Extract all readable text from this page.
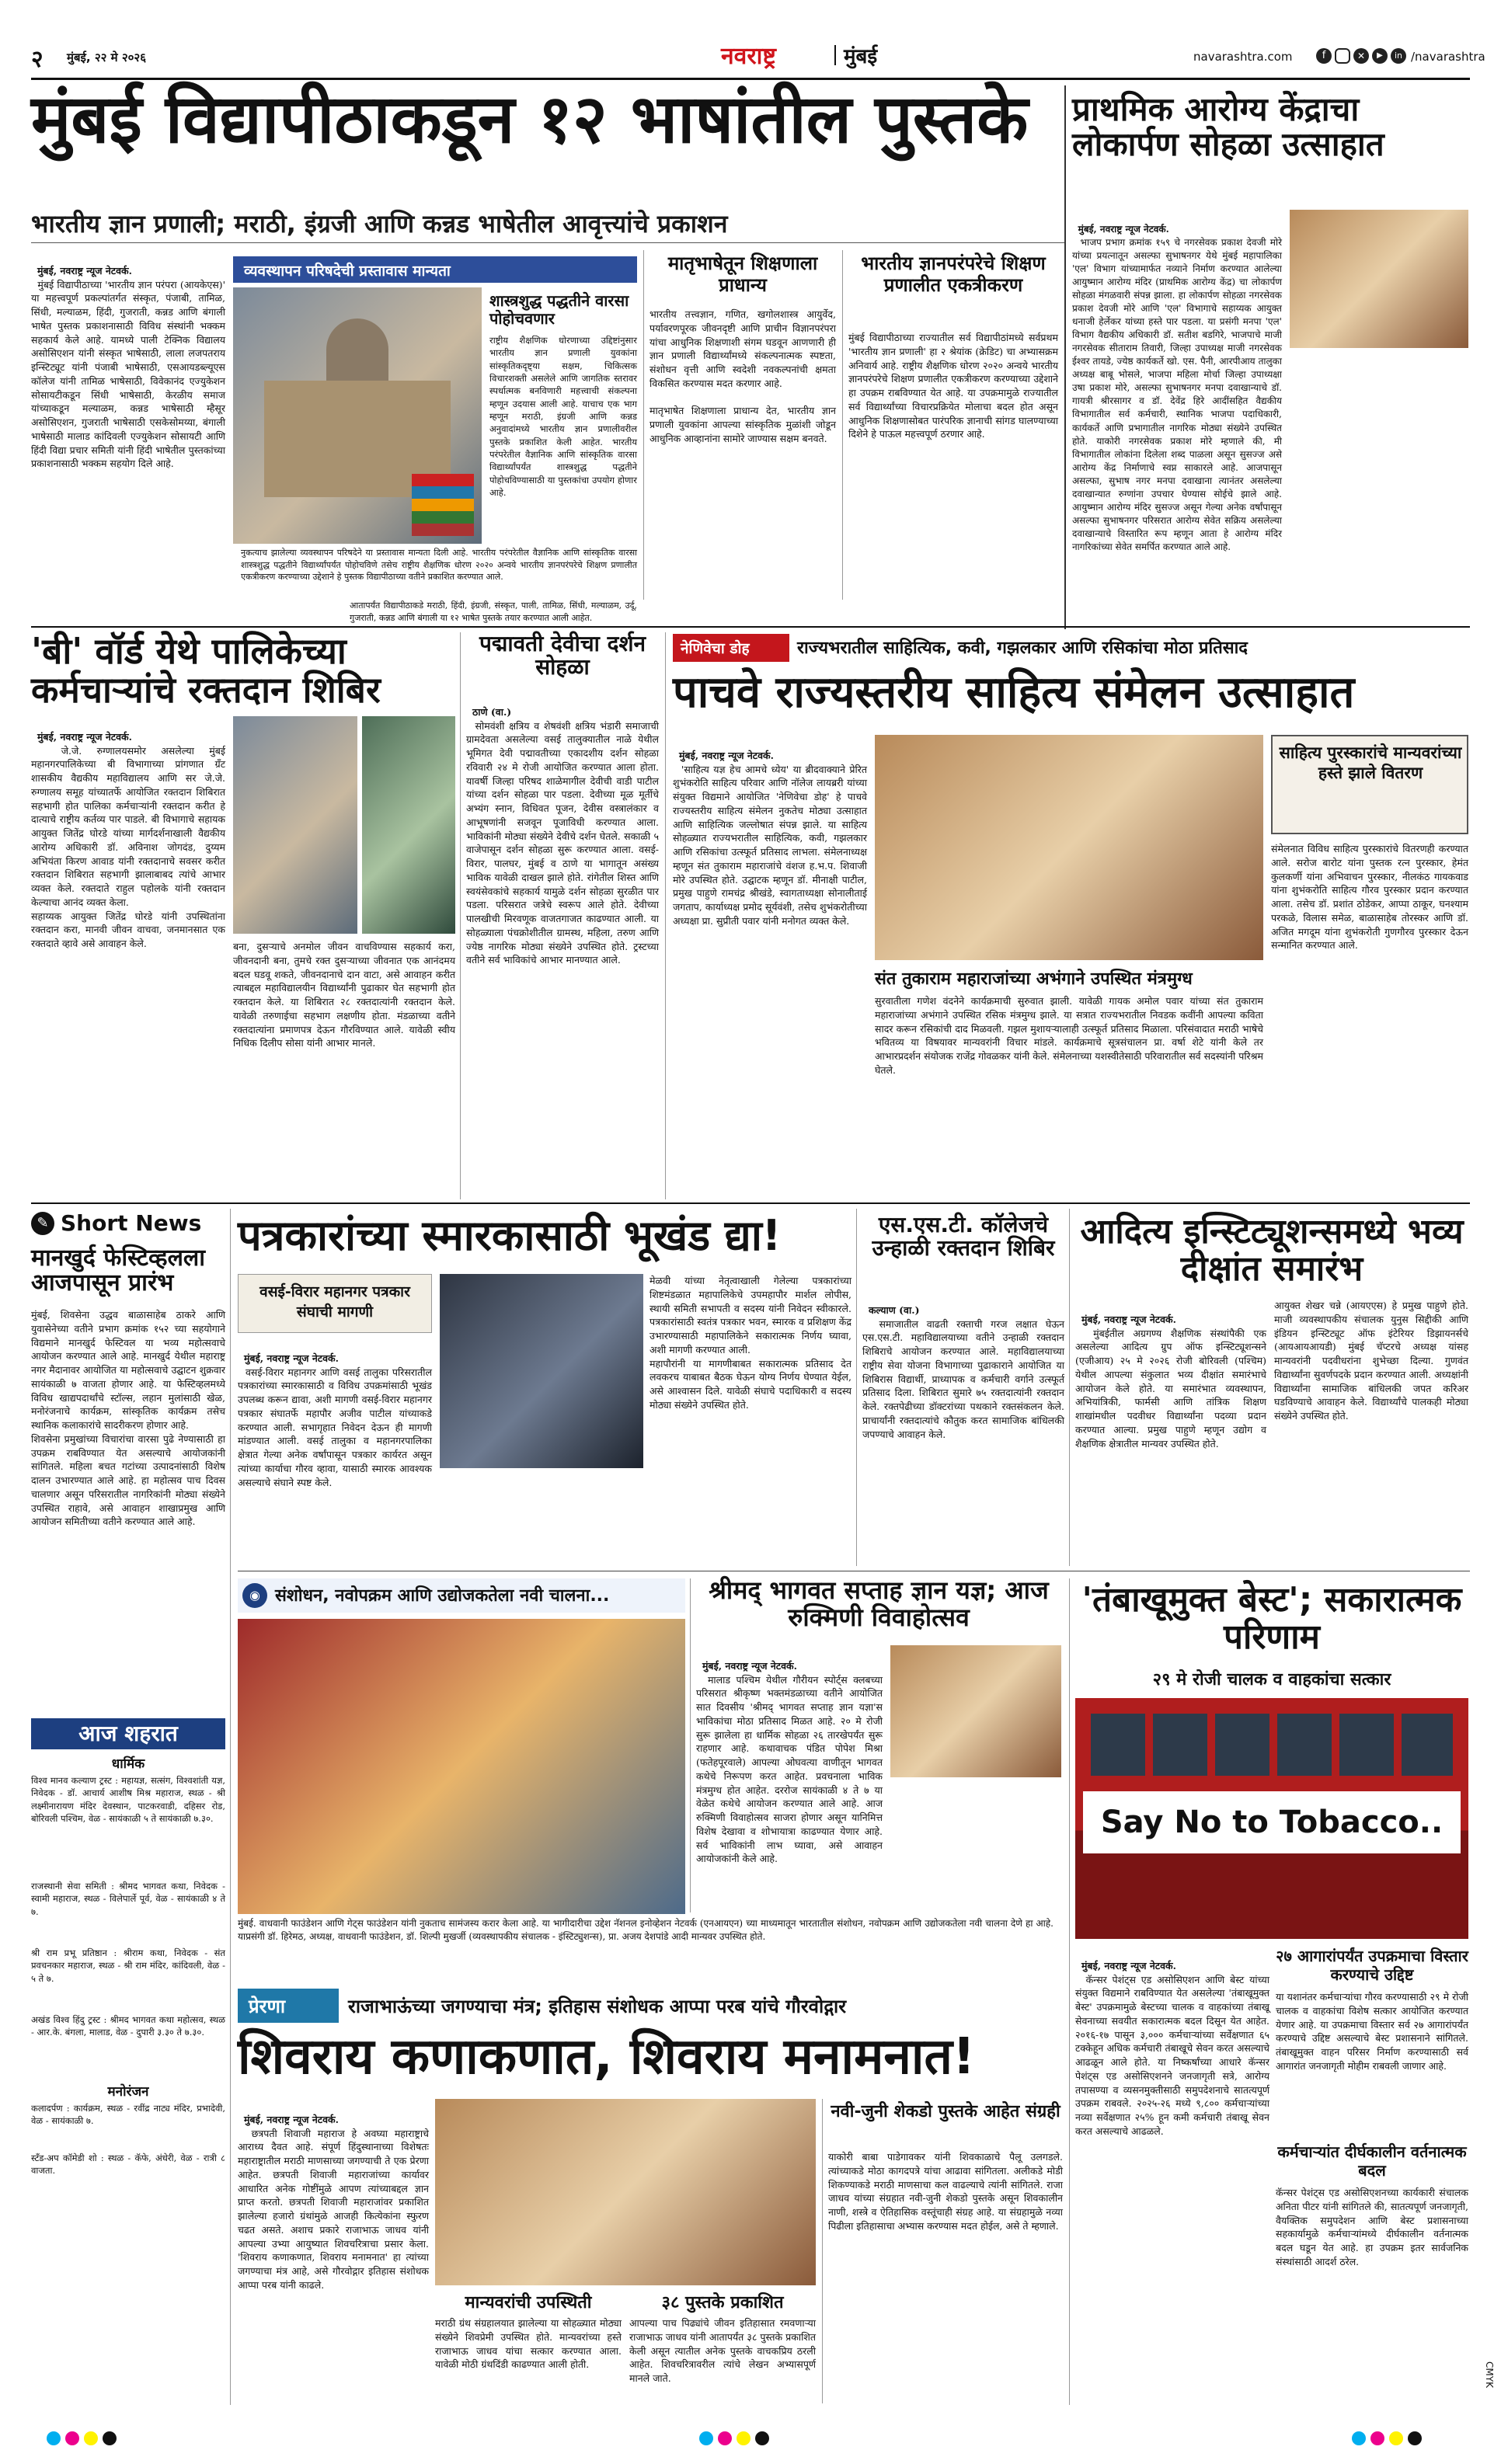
२ मुंबई, २२ मे २०२६	नवराष्ट्र	मुंबई	navarashtra.com	f	✕	▶	in /navarashtra
मुंबई विद्यापीठाकडून १२ भाषांतील पुस्तके
भारतीय ज्ञान प्रणाली; मराठी, इंग्रजी आणि कन्नड भाषेतील आवृत्त्यांचे प्रकाशन

मुंबई, नवराष्ट्र न्यूज नेटवर्क.
मुंबई विद्यापीठाच्या 'भारतीय ज्ञान परंपरा (आयकेएस)' या महत्त्वपूर्ण प्रकल्पांतर्गत संस्कृत, पंजाबी, तामिळ, सिंधी, मल्याळम, हिंदी, गुजराती, कन्नड आणि बंगाली भाषेत पुस्तक प्रकाशनासाठी विविध संस्थांनी भक्कम सहकार्य केले आहे. यामध्ये पाली टेक्निक विद्यालय असोसिएशन यांनी संस्कृत भाषेसाठी, लाला लजपतराय इन्स्टिट्यूट यांनी पंजाबी भाषेसाठी, एसआयडब्ल्यूएस कॉलेज यांनी तामिळ भाषेसाठी, विवेकानंद एज्युकेशन सोसायटीकडून सिंधी भाषेसाठी, केरळीय समाज यांच्याकडून मल्याळम, कन्नड भाषेसाठी म्हैसूर असोसिएशन, गुजराती भाषेसाठी एसकेसोमय्या, बंगाली भाषेसाठी मालाड कांदिवली एज्युकेशन सोसायटी आणि हिंदी विद्या प्रचार समिती यांनी हिंदी भाषेतील पुस्तकांच्या प्रकाशनासाठी भक्कम सहयोग दिले आहे.

व्यवस्थापन परिषदेची प्रस्तावास मान्यता
शास्त्रशुद्ध पद्धतीने वारसा पोहोचवणार
राष्ट्रीय शैक्षणिक धोरणाच्या उद्दिष्टांनुसार भारतीय ज्ञान प्रणाली युवकांना सांस्कृतिकदृष्ट्या सक्षम, चिकित्सक विचारशक्ती असलेले आणि जागतिक स्तरावर स्पर्धात्मक बनविणारी महत्त्वाची संकल्पना म्हणून उदयास आली आहे. याचाच एक भाग म्हणून मराठी, इंग्रजी आणि कन्नड अनुवादांमध्ये भारतीय ज्ञान प्रणालीवरील पुस्तके प्रकाशित केली आहेत. भारतीय परंपरेतील वैज्ञानिक आणि सांस्कृतिक वारसा विद्यार्थ्यांपर्यंत शास्त्रशुद्ध पद्धतीने पोहोचविण्यासाठी या पुस्तकांचा उपयोग होणार आहे.
नुकत्याच झालेल्या व्यवस्थापन परिषदेने या प्रस्तावास मान्यता दिली आहे. भारतीय परंपरेतील वैज्ञानिक आणि सांस्कृतिक वारसा शास्त्रशुद्ध पद्धतीने विद्यार्थ्यांपर्यंत पोहोचविणे तसेच राष्ट्रीय शैक्षणिक धोरण २०२० अन्वये भारतीय ज्ञानपरंपरेचे शिक्षण प्रणालीत एकत्रीकरण करण्याच्या उद्देशाने हे पुस्तक विद्यापीठाच्या वतीने प्रकाशित करण्यात आले.
आतापर्यंत विद्यापीठाकडे मराठी, हिंदी, इंग्रजी, संस्कृत, पाली, तामिळ, सिंधी, मल्याळम, उर्दू, गुजराती, कन्नड आणि बंगाली या १२ भाषेत पुस्तके तयार करण्यात आली आहेत.
मातृभाषेतून शिक्षणाला प्राधान्य
भारतीय तत्त्वज्ञान, गणित, खगोलशास्त्र आयुर्वेद, पर्यावरणपूरक जीवनदृष्टी आणि प्राचीन विज्ञानपरंपरा यांचा आधुनिक शिक्षणाशी संगम घडवून आणणारी ही ज्ञान प्रणाली विद्यार्थ्यांमध्ये संकल्पनात्मक स्पष्टता, संशोधन वृत्ती आणि स्वदेशी नवकल्पनांची क्षमता विकसित करण्यास मदत करणार आहे.

मातृभाषेत शिक्षणाला प्राधान्य देत, भारतीय ज्ञान प्रणाली युवकांना आपल्या सांस्कृतिक मुळांशी जोडून आधुनिक आव्हानांना सामोरे जाण्यास सक्षम बनवते.
भारतीय ज्ञानपरंपरेचे शिक्षण प्रणालीत एकत्रीकरण
मुंबई विद्यापीठाच्या राज्यातील सर्व विद्यापीठांमध्ये सर्वप्रथम 'भारतीय ज्ञान प्रणाली' हा २ श्रेयांक (क्रेडिट) चा अभ्यासक्रम अनिवार्य आहे. राष्ट्रीय शैक्षणिक धोरण २०२० अन्वये भारतीय ज्ञानपरंपरेचे शिक्षण प्रणालीत एकत्रीकरण करण्याच्या उद्देशाने हा उपक्रम राबविण्यात येत आहे. या उपक्रमामुळे राज्यातील सर्व विद्यार्थ्यांच्या विचारप्रक्रियेत मोलाचा बदल होत असून आधुनिक शिक्षणासोबत पारंपरिक ज्ञानाची सांगड घालण्याच्या दिशेने हे पाऊल महत्त्वपूर्ण ठरणार आहे.
प्राथमिक आरोग्य केंद्राचा लोकार्पण सोहळा उत्साहात

मुंबई, नवराष्ट्र न्यूज नेटवर्क.
भाजप प्रभाग क्रमांक १५९ चे नगरसेवक प्रकाश देवजी मोरे यांच्या प्रयत्नातून असल्फा सुभाषनगर येथे मुंबई महापालिका 'एल' विभाग यांच्यामार्फत नव्याने निर्माण करण्यात आलेल्या आयुष्मान आरोग्य मंदिर (प्राथमिक आरोग्य केंद्र) चा लोकार्पण सोहळा मंगळवारी संपन्न झाला. हा लोकार्पण सोहळा नगरसेवक प्रकाश देवजी मोरे आणि 'एल' विभागाचे सहाय्यक आयुक्त धनाजी हेर्लेकर यांच्या हस्ते पार पडला. या प्रसंगी मनपा 'एल' विभाग वैद्यकीय अधिकारी डॉ. सतीश बडगिरे, भाजपाचे माजी नगरसेवक सीताराम तिवारी, जिल्हा उपाध्यक्ष माजी नगरसेवक ईश्वर तायडे, ज्येष्ठ कार्यकर्ते खो. एस. पैनी, आरपीआय तालुका अध्यक्ष बाबू भोसले, भाजपा महिला मोर्चा जिल्हा उपाध्यक्षा उषा प्रकाश मोरे, असल्फा सुभाषनगर मनपा दवाखान्याचे डॉ. गायत्री श्रीरसागर व डॉ. देवेंद्र हिरे आदींसहित वैद्यकीय विभागातील सर्व कर्मचारी, स्थानिक भाजपा पदाधिकारी, कार्यकर्ते आणि प्रभागातील नागरिक मोठ्या संख्येने उपस्थित होते. याकोरी नगरसेवक प्रकाश मोरे म्हणाले की, मी विभागातील लोकांना दिलेला शब्द पाळला असून सुसज्ज असे आरोग्य केंद्र निर्माणाचे स्वप्न साकारले आहे. आजपासून असल्फा, सुभाष नगर मनपा दवाखाना त्यानंतर असलेल्या दवाखान्यात रुग्णांना उपचार घेण्यास सोईचे झाले आहे. आयुष्मान आरोग्य मंदिर सुसज्ज असून गेल्या अनेक वर्षांपासून असल्फा सुभाषनगर परिसरात आरोग्य सेवेत सक्रिय असलेल्या दवाखान्याचे विस्तारित रूप म्हणून आता हे आरोग्य मंदिर नागरिकांच्या सेवेत समर्पित करण्यात आले आहे.

'बी' वॉर्ड येथे पालिकेच्या कर्मचाऱ्यांचे रक्तदान शिबिर

मुंबई, नवराष्ट्र न्यूज नेटवर्क.
जे.जे. रुग्णालयसमोर असलेल्या मुंबई महानगरपालिकेच्या बी विभागाच्या प्रांगणात ग्रँट शासकीय वैद्यकीय महाविद्यालय आणि सर जे.जे. रुग्णालय समूह यांच्यातर्फे आयोजित रक्तदान शिबिरात सहभागी होत पालिका कर्मचाऱ्यांनी रक्तदान करीत हे दात्याचे राष्ट्रीय कर्तव्य पार पाडले. बी विभागाचे सहायक आयुक्त जितेंद्र घोरडे यांच्या मार्गदर्शनाखाली वैद्यकीय आरोग्य अधिकारी डॉ. अविनाश जोगदंड, दुय्यम अभियंता किरण आवाड यांनी रक्तदानाचे सवसर करीत रक्तदान शिबिरात सहभागी झालाबाबद त्यांचे आभार व्यक्त केले. रक्तदाते राहुल पहोलके यांनी रक्तदान केल्याचा आनंद व्यक्त केला.
सहाय्यक आयुक्त जितेंद्र घोरडे यांनी उपस्थितांना रक्तदान करा, मानवी जीवन वाचवा, जनमानसात एक रक्तदाते व्हावे असे आवाहन केले.	बना, दुसऱ्याचे अनमोल जीवन वाचविण्यास सहकार्य करा, जीवनदानी बना, तुमचे रक्त दुसऱ्याच्या जीवनात एक आनंदमय बदल घडवू शकते, जीवनदानाचे दान वाटा, असे आवाहन करीत त्याबद्दल महाविद्यालयीन विद्यार्थ्यांनी पुढाकार घेत सहभागी होत रक्तदान केले. या शिबिरात २८ रक्तदात्यांनी रक्तदान केले. यावेळी तरुणाईचा सहभाग लक्षणीय होता. मंडळाच्या वतीने रक्तदात्यांना प्रमाणपत्र देऊन गौरविण्यात आले. यावेळी स्वीय निधिक दिलीप सोसा यांनी आभार मानले.
पद्मावती देवीचा दर्शन सोहळा

ठाणे (वा.)
सोमवंशी क्षत्रिय व शेषवंशी क्षत्रिय भंडारी समाजाची ग्रामदेवता असलेल्या वसई तालुक्यातील नाळे येथील भूमिगत देवी पद्मावतीच्या एकादशीय दर्शन सोहळा रविवारी २४ मे रोजी आयोजित करण्यात आला होता. यावर्षी जिल्हा परिषद शाळेमागील देवीची वाडी पाटील यांच्या दर्शन सोहळा पार पडला. देवीच्या मूळ मूर्तीचे अभ्यंग स्नान, विधिवत पूजन, देवीस वस्त्रालंकार व आभूषणांनी सजवून पूजाविधी करण्यात आला. भाविकांनी मोठ्या संख्येने देवीचे दर्शन घेतले. सकाळी ५ वाजेपासून दर्शन सोहळा सुरू करण्यात आला. वसई-विरार, पालघर, मुंबई व ठाणे या भागातून असंख्य भाविक यावेळी दाखल झाले होते. रांगेतील शिस्त आणि स्वयंसेवकांचे सहकार्य यामुळे दर्शन सोहळा सुरळीत पार पडला. परिसरात जत्रेचे स्वरूप आले होते. देवीच्या पालखीची मिरवणूक वाजतगाजत काढण्यात आली. या सोहळ्याला पंचक्रोशीतील ग्रामस्थ, महिला, तरुण आणि ज्येष्ठ नागरिक मोठ्या संख्येने उपस्थित होते. ट्रस्टच्या वतीने सर्व भाविकांचे आभार मानण्यात आले.

नेणिवेचा डोह	राज्यभरातील साहित्यिक, कवी, गझलकार आणि रसिकांचा मोठा प्रतिसाद
पाचवे राज्यस्तरीय साहित्य संमेलन उत्साहात

मुंबई, नवराष्ट्र न्यूज नेटवर्क.
'साहित्य यज्ञ हेच आमचे ध्येय' या ब्रीदवाक्याने प्रेरित शुभंकरोति साहित्य परिवार आणि नॉलेज लायब्ररी यांच्या संयुक्त विद्यमाने आयोजित 'नेणिवेचा डोह' हे पाचवे राज्यस्तरीय साहित्य संमेलन नुकतेच मोठ्या उत्साहात आणि साहित्यिक जल्लोषात संपन्न झाले. या साहित्य सोहळ्यात राज्यभरातील साहित्यिक, कवी, गझलकार आणि रसिकांचा उत्स्फूर्त प्रतिसाद लाभला. संमेलनाध्यक्ष म्हणून संत तुकाराम महाराजांचे वंशज ह.भ.प. शिवाजी मोरे उपस्थित होते. उद्घाटक म्हणून डॉ. मीनाक्षी पाटील, प्रमुख पाहुणे रामचंद्र श्रीखंडे, स्वागताध्यक्षा सोनालीताई जगताप, कार्याध्यक्ष प्रमोद सूर्यवंशी, तसेच शुभंकरोतीच्या अध्यक्षा प्रा. सुप्रीती पवार यांनी मनोगत व्यक्त केले.

संत तुकाराम महाराजांच्या अभंगाने उपस्थित मंत्रमुग्ध
सुरवातीला गणेश वंदनेने कार्यक्रमाची सुरुवात झाली. यावेळी गायक अमोल पवार यांच्या संत तुकाराम महाराजांच्या अभंगाने उपस्थित रसिक मंत्रमुग्ध झाले. या सत्रात राज्यभरातील निवडक कवींनी आपल्या कविता सादर करून रसिकांची दाद मिळवली. गझल मुशायऱ्यालाही उत्स्फूर्त प्रतिसाद मिळाला. परिसंवादात मराठी भाषेचे भवितव्य या विषयावर मान्यवरांनी विचार मांडले. कार्यक्रमाचे सूत्रसंचालन प्रा. वर्षा शेटे यांनी केले तर आभारप्रदर्शन संयोजक राजेंद्र गोवळकर यांनी केले. संमेलनाच्या यशस्वीतेसाठी परिवारातील सर्व सदस्यांनी परिश्रम घेतले.
साहित्य पुरस्कारांचे मान्यवरांच्या हस्ते झाले वितरण
संमेलनात विविध साहित्य पुरस्कारांचे वितरणही करण्यात आले. सरोज बारोट यांना पुस्तक रत्न पुरस्कार, हेमंत कुलकर्णी यांना अभिवाचन पुरस्कार, नीलकंठ गायकवाड यांना शुभंकरोति साहित्य गौरव पुरस्कार प्रदान करण्यात आला. तसेच डॉ. प्रशांत ठोडेकर, आप्पा ठाकूर, घनश्याम परकळे, विलास समेळ, बाळासाहेब तोरस्कर आणि डॉ. अजित मगदूम यांना शुभंकरोती गुणगौरव पुरस्कार देऊन सन्मानित करण्यात आले.
✎ Short News
मानखुर्द फेस्टिव्हलला आजपासून प्रारंभ
मुंबई, शिवसेना उद्धव बाळासाहेब ठाकरे आणि युवासेनेच्या वतीने प्रभाग क्रमांक १५२ च्या सहयोगाने विद्यमाने मानखुर्द फेस्टिवल या भव्य महोत्सवाचे आयोजन करण्यात आले आहे. मानखुर्द येथील महाराष्ट्र नगर मैदानावर आयोजित या महोत्सवाचे उद्घाटन शुक्रवार सायंकाळी ७ वाजता होणार आहे. या फेस्टिव्हलमध्ये विविध खाद्यपदार्थांचे स्टॉल्स, लहान मुलांसाठी खेळ, मनोरंजनाचे कार्यक्रम, सांस्कृतिक कार्यक्रम तसेच स्थानिक कलाकारांचे सादरीकरण होणार आहे.
शिवसेना प्रमुखांच्या विचारांचा वारसा पुढे नेण्यासाठी हा उपक्रम राबविण्यात येत असल्याचे आयोजकांनी सांगितले. महिला बचत गटांच्या उत्पादनांसाठी विशेष दालन उभारण्यात आले आहे. हा महोत्सव पाच दिवस चालणार असून परिसरातील नागरिकांनी मोठ्या संख्येने उपस्थित राहावे, असे आवाहन शाखाप्रमुख आणि आयोजन समितीच्या वतीने करण्यात आले आहे.
आज शहरात
धार्मिक
विश्व मानव कल्याण ट्रस्ट : महायज्ञ, सत्संग, विश्वशांती यज्ञ, निवेदक - डॉ. आचार्य आशीष मिश्र महाराज, स्थळ - श्री लक्ष्मीनारायण मंदिर देवस्थान, पाटकरवाडी, दहिसर रोड, बोरिवली पश्चिम, वेळ - सायंकाळी ५ ते सायंकाळी ७.३०.
राजस्थानी सेवा समिती : श्रीमद भागवत कथा, निवेदक - स्वामी महाराज, स्थळ - विलेपार्ले पूर्व, वेळ - सायंकाळी ४ ते ७.
श्री राम प्रभू प्रतिष्ठान : श्रीराम कथा, निवेदक - संत प्रवचनकार महाराज, स्थळ - श्री राम मंदिर, कांदिवली, वेळ - ५ ते ७.
अखंड विश्व हिंदु ट्रस्ट : श्रीमद भागवत कथा महोत्सव, स्थळ - आर.के. बंगला, मालाड, वेळ - दुपारी ३.३० ते ७.३०.
मनोरंजन
कलादर्पण : कार्यक्रम, स्थळ - रवींद्र नाट्य मंदिर, प्रभादेवी, वेळ - सायंकाळी ७.
स्टँड-अप कॉमेडी शो : स्थळ - कॅफे, अंधेरी, वेळ - रात्री ८ वाजता.
पत्रकारांच्या स्मारकासाठी भूखंड द्या!
वसई-विरार महानगर पत्रकार संघाची मागणी

मुंबई, नवराष्ट्र न्यूज नेटवर्क.
वसई-विरार महानगर आणि वसई तालुका परिसरातील पत्रकारांच्या स्मारकासाठी व विविध उपक्रमांसाठी भूखंड उपलब्ध करून द्यावा, अशी मागणी वसई-विरार महानगर पत्रकार संघातर्फे महापौर अजीव पाटील यांच्याकडे करण्यात आली. सभागृहात निवेदन देऊन ही मागणी मांडण्यात आली. वसई तालुका व महानगरपालिका क्षेत्रात गेल्या अनेक वर्षांपासून पत्रकार कार्यरत असून त्यांच्या कार्याचा गौरव व्हावा, यासाठी स्मारक आवश्यक असल्याचे संघाने स्पष्ट केले.

मेळवी यांच्या नेतृत्वाखाली गेलेल्या पत्रकारांच्या शिष्टमंडळात महापालिकेचे उपमहापौर मार्शल लोपीस, स्थायी समिती सभापती व सदस्य यांनी निवेदन स्वीकारले. पत्रकारांसाठी स्वतंत्र पत्रकार भवन, स्मारक व प्रशिक्षण केंद्र उभारण्यासाठी महापालिकेने सकारात्मक निर्णय घ्यावा, अशी मागणी करण्यात आली.
महापौरांनी या मागणीबाबत सकारात्मक प्रतिसाद देत लवकरच याबाबत बैठक घेऊन योग्य निर्णय घेण्यात येईल, असे आश्वासन दिले. यावेळी संघाचे पदाधिकारी व सदस्य मोठ्या संख्येने उपस्थित होते.
एस.एस.टी. कॉलेजचे उन्हाळी रक्तदान शिबिर

कल्याण (वा.)
समाजातील वाढती रक्ताची गरज लक्षात घेऊन एस.एस.टी. महाविद्यालयाच्या वतीने उन्हाळी रक्तदान शिबिराचे आयोजन करण्यात आले. महाविद्यालयाच्या राष्ट्रीय सेवा योजना विभागाच्या पुढाकाराने आयोजित या शिबिरास विद्यार्थी, प्राध्यापक व कर्मचारी वर्गाने उत्स्फूर्त प्रतिसाद दिला. शिबिरात सुमारे ७५ रक्तदात्यांनी रक्तदान केले. रक्तपेढीच्या डॉक्टरांच्या पथकाने रक्तसंकलन केले. प्राचार्यांनी रक्तदात्यांचे कौतुक करत सामाजिक बांधिलकी जपण्याचे आवाहन केले.

आदित्य इन्स्टिट्यूशन्समध्ये भव्य दीक्षांत समारंभ

मुंबई, नवराष्ट्र न्यूज नेटवर्क.
मुंबईतील अग्रगण्य शैक्षणिक संस्थांपैकी एक असलेल्या आदित्य ग्रुप ऑफ इन्स्टिट्यूशन्सने (एजीआय) २५ मे २०२६ रोजी बोरिवली (पश्चिम) येथील आपल्या संकुलात भव्य दीक्षांत समारंभाचे आयोजन केले होते. या समारंभात व्यवस्थापन, अभियांत्रिकी, फार्मसी आणि तांत्रिक शिक्षण शाखांमधील पदवीधर विद्यार्थ्यांना पदव्या प्रदान करण्यात आल्या. प्रमुख पाहुणे म्हणून उद्योग व शैक्षणिक क्षेत्रातील मान्यवर उपस्थित होते.

आयुक्त शेखर चन्ने (आयएएस) हे प्रमुख पाहुणे होते. माजी व्यवस्थापकीय संचालक युनुस सिद्दीकी आणि इंडियन इन्स्टिट्यूट ऑफ इंटेरियर डिझायनर्सचे (आयआयआयडी) मुंबई चॅप्टरचे अध्यक्ष यांसह मान्यवरांनी पदवीधरांना शुभेच्छा दिल्या. गुणवंत विद्यार्थ्यांना सुवर्णपदके प्रदान करण्यात आली. अध्यक्षांनी विद्यार्थ्यांना सामाजिक बांधिलकी जपत करिअर घडविण्याचे आवाहन केले. विद्यार्थ्यांचे पालकही मोठ्या संख्येने उपस्थित होते.
◉ संशोधन, नवोपक्रम आणि उद्योजकतेला नवी चालना...
मुंबई. वाधवानी फाउंडेशन आणि गेट्स फाउंडेशन यांनी नुकताच सामंजस्य करार केला आहे. या भागीदारीचा उद्देश नॅशनल इनोव्हेशन नेटवर्क (एनआयएन) च्या माध्यमातून भारतातील संशोधन, नवोपक्रम आणि उद्योजकतेला नवी चालना देणे हा आहे. याप्रसंगी डॉ. हिरेमठ, अध्यक्ष, वाधवानी फाउंडेशन, डॉ. शिल्पी मुखर्जी (व्यवस्थापकीय संचालक - इंस्टिट्युशन्स), प्रा. अजय देशपांडे आदी मान्यवर उपस्थित होते.
श्रीमद् भागवत सप्ताह ज्ञान यज्ञ; आज रुक्मिणी विवाहोत्सव

मुंबई, नवराष्ट्र न्यूज नेटवर्क.
मालाड पश्चिम येथील गौरीयन स्पोर्ट्स क्लबच्या परिसरात श्रीकृष्ण भक्तमंडळाच्या वतीने आयोजित सात दिवसीय 'श्रीमद् भागवत सप्ताह ज्ञान यज्ञा'स भाविकांचा मोठा प्रतिसाद मिळत आहे. २० मे रोजी सुरू झालेला हा धार्मिक सोहळा २६ तारखेपर्यंत सुरू राहणार आहे. कथावाचक पंडित पोपेश मिश्रा (फतेहपूरवाले) आपल्या ओघवत्या वाणीतून भागवत कथेचे निरूपण करत आहेत. प्रवचनाला भाविक मंत्रमुग्ध होत आहेत. दररोज सायंकाळी ४ ते ७ या वेळेत कथेचे आयोजन करण्यात आले आहे. आज रुक्मिणी विवाहोत्सव साजरा होणार असून यानिमित्त विशेष देखावा व शोभायात्रा काढण्यात येणार आहे. सर्व भाविकांनी लाभ घ्यावा, असे आवाहन आयोजकांनी केले आहे.

'तंबाखूमुक्त बेस्ट'; सकारात्मक परिणाम
२९ मे रोजी चालक व वाहकांचा सत्कार
Say No to Tobacco..

मुंबई, नवराष्ट्र न्यूज नेटवर्क.
कॅन्सर पेशंट्स एड असोसिएशन आणि बेस्ट यांच्या संयुक्त विद्यमाने राबविण्यात येत असलेल्या 'तंबाखूमुक्त बेस्ट' उपक्रमामुळे बेस्टच्या चालक व वाहकांच्या तंबाखू सेवनाच्या सवयीत सकारात्मक बदल दिसून येत आहेत. २०१६-१७ पासून ३,००० कर्मचाऱ्यांच्या सर्वेक्षणात ६५ टक्केहून अधिक कर्मचारी तंबाखूचे सेवन करत असल्याचे आढळून आले होते. या निष्कर्षांच्या आधारे कॅन्सर पेशंट्स एड असोसिएशनने जनजागृती सत्रे, आरोग्य तपासण्या व व्यसनमुक्तीसाठी समुपदेशनाचे सातत्यपूर्ण उपक्रम राबवले. २०२५-२६ मध्ये ९,८०० कर्मचाऱ्यांच्या नव्या सर्वेक्षणात २५% हून कमी कर्मचारी तंबाखू सेवन करत असल्याचे आढळले.

२७ आगारांपर्यंत उपक्रमाचा विस्तार करण्याचे उद्दिष्ट
या यशानंतर कर्मचाऱ्यांचा गौरव करण्यासाठी २९ मे रोजी चालक व वाहकांचा विशेष सत्कार आयोजित करण्यात येणार आहे. या उपक्रमाचा विस्तार सर्व २७ आगारांपर्यंत करण्याचे उद्दिष्ट असल्याचे बेस्ट प्रशासनाने सांगितले. तंबाखूमुक्त वाहन परिसर निर्माण करण्यासाठी सर्व आगारांत जनजागृती मोहीम राबवली जाणार आहे.
कर्मचाऱ्यांत दीर्घकालीन वर्तनात्मक बदल
कॅन्सर पेशंट्स एड असोसिएशनच्या कार्यकारी संचालक अनिता पीटर यांनी सांगितले की, सातत्यपूर्ण जनजागृती, वैयक्तिक समुपदेशन आणि बेस्ट प्रशासनाच्या सहकार्यामुळे कर्मचाऱ्यांमध्ये दीर्घकालीन वर्तनात्मक बदल घडून येत आहे. हा उपक्रम इतर सार्वजनिक संस्थांसाठी आदर्श ठरेल.
प्रेरणा	राजाभाऊंच्या जगण्याचा मंत्र; इतिहास संशोधक आप्पा परब यांचे गौरवोद्गार
शिवराय कणाकणात, शिवराय मनामनात!

मुंबई, नवराष्ट्र न्यूज नेटवर्क.
छत्रपती शिवाजी महाराज हे अवघ्या महाराष्ट्राचे आराध्य दैवत आहे. संपूर्ण हिंदुस्थानाच्या विशेषतः महाराष्ट्रातील मराठी माणसाच्या जगण्याची ते एक प्रेरणा आहेत. छत्रपती शिवाजी महाराजांच्या कार्यावर आधारित अनेक गोष्टींमुळे आपण त्यांच्याबद्दल ज्ञान प्राप्त करतो. छत्रपती शिवाजी महाराजांवर प्रकाशित झालेल्या हजारो ग्रंथांमुळे आजही कित्येकांना स्फुरण चढत असते. अशाच प्रकारे राजाभाऊ जाधव यांनी आपल्या उभ्या आयुष्यात शिवचरित्राचा प्रसार केला. 'शिवराय कणाकणात, शिवराय मनामनात' हा त्यांच्या जगण्याचा मंत्र आहे, असे गौरवोद्गार इतिहास संशोधक आप्पा परब यांनी काढले.

मान्यवरांची उपस्थिती
मराठी ग्रंथ संग्रहालयात झालेल्या या सोहळ्यात मोठ्या संख्येने शिवप्रेमी उपस्थित होते. मान्यवरांच्या हस्ते राजाभाऊ जाधव यांचा सत्कार करण्यात आला. यावेळी मोठी ग्रंथदिंडी काढण्यात आली होती.
३८ पुस्तके प्रकाशित
आपल्या पाच पिढ्यांचे जीवन इतिहासात रमवणाऱ्या राजाभाऊ जाधव यांनी आतापर्यंत ३८ पुस्तके प्रकाशित केली असून त्यातील अनेक पुस्तके वाचकप्रिय ठरली आहेत. शिवचरित्रावरील त्यांचे लेखन अभ्यासपूर्ण मानले जाते.
नवी-जुनी शेकडो पुस्तके आहेत संग्रही
याकोरी बाबा पाडेगावकर यांनी शिवकाळाचे पैलू उलगडले. त्यांच्याकडे मोठा कागदपत्रे यांचा आढावा सांगितला. अलीकडे मोडी शिकण्याकडे मराठी माणसाचा कल वाढल्याचे त्यांनी सांगितले. राजा जाधव यांच्या संग्रहात नवी-जुनी शेकडो पुस्तके असून शिवकालीन नाणी, शस्त्रे व ऐतिहासिक वस्तूंचाही संग्रह आहे. या संग्रहामुळे नव्या पिढीला इतिहासाचा अभ्यास करण्यास मदत होईल, असे ते म्हणाले.
CMYK
